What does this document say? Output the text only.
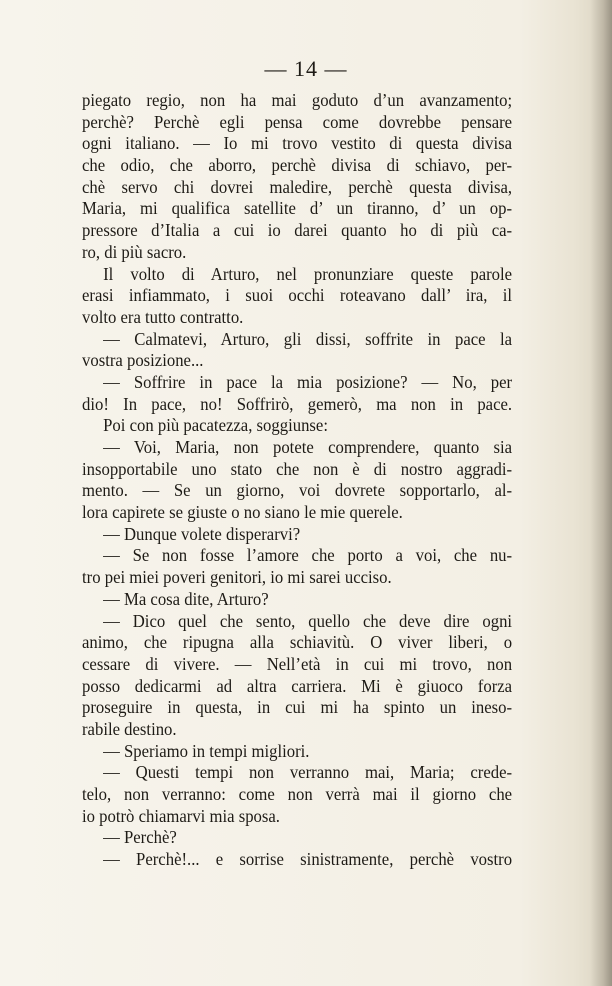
— 14 —
piegato regio, non ha mai goduto d’un avanzamento;
perchè? Perchè egli pensa come dovrebbe pensare
ogni italiano. — Io mi trovo vestito di questa divisa
che odio, che aborro, perchè divisa di schiavo, per-
chè servo chi dovrei maledire, perchè questa divisa,
Maria, mi qualifica satellite d’ un tiranno, d’ un op-
pressore d’Italia a cui io darei quanto ho di più ca-
ro, di più sacro.
Il volto di Arturo, nel pronunziare queste parole
erasi infiammato, i suoi occhi roteavano dall’ ira, il
volto era tutto contratto.
— Calmatevi, Arturo, gli dissi, soffrite in pace la
vostra posizione...
— Soffrire in pace la mia posizione? — No, per
dio! In pace, no! Soffrirò, gemerò, ma non in pace.
Poi con più pacatezza, soggiunse:
— Voi, Maria, non potete comprendere, quanto sia
insopportabile uno stato che non è di nostro aggradi-
mento. — Se un giorno, voi dovrete sopportarlo, al-
lora capirete se giuste o no siano le mie querele.
— Dunque volete disperarvi?
— Se non fosse l’amore che porto a voi, che nu-
tro pei miei poveri genitori, io mi sarei ucciso.
— Ma cosa dite, Arturo?
— Dico quel che sento, quello che deve dire ogni
animo, che ripugna alla schiavitù. O viver liberi, o
cessare di vivere. — Nell’età in cui mi trovo, non
posso dedicarmi ad altra carriera. Mi è giuoco forza
proseguire in questa, in cui mi ha spinto un ineso-
rabile destino.
— Speriamo in tempi migliori.
— Questi tempi non verranno mai, Maria; crede-
telo, non verranno: come non verrà mai il giorno che
io potrò chiamarvi mia sposa.
— Perchè?
— Perchè!... e sorrise sinistramente, perchè vostro
